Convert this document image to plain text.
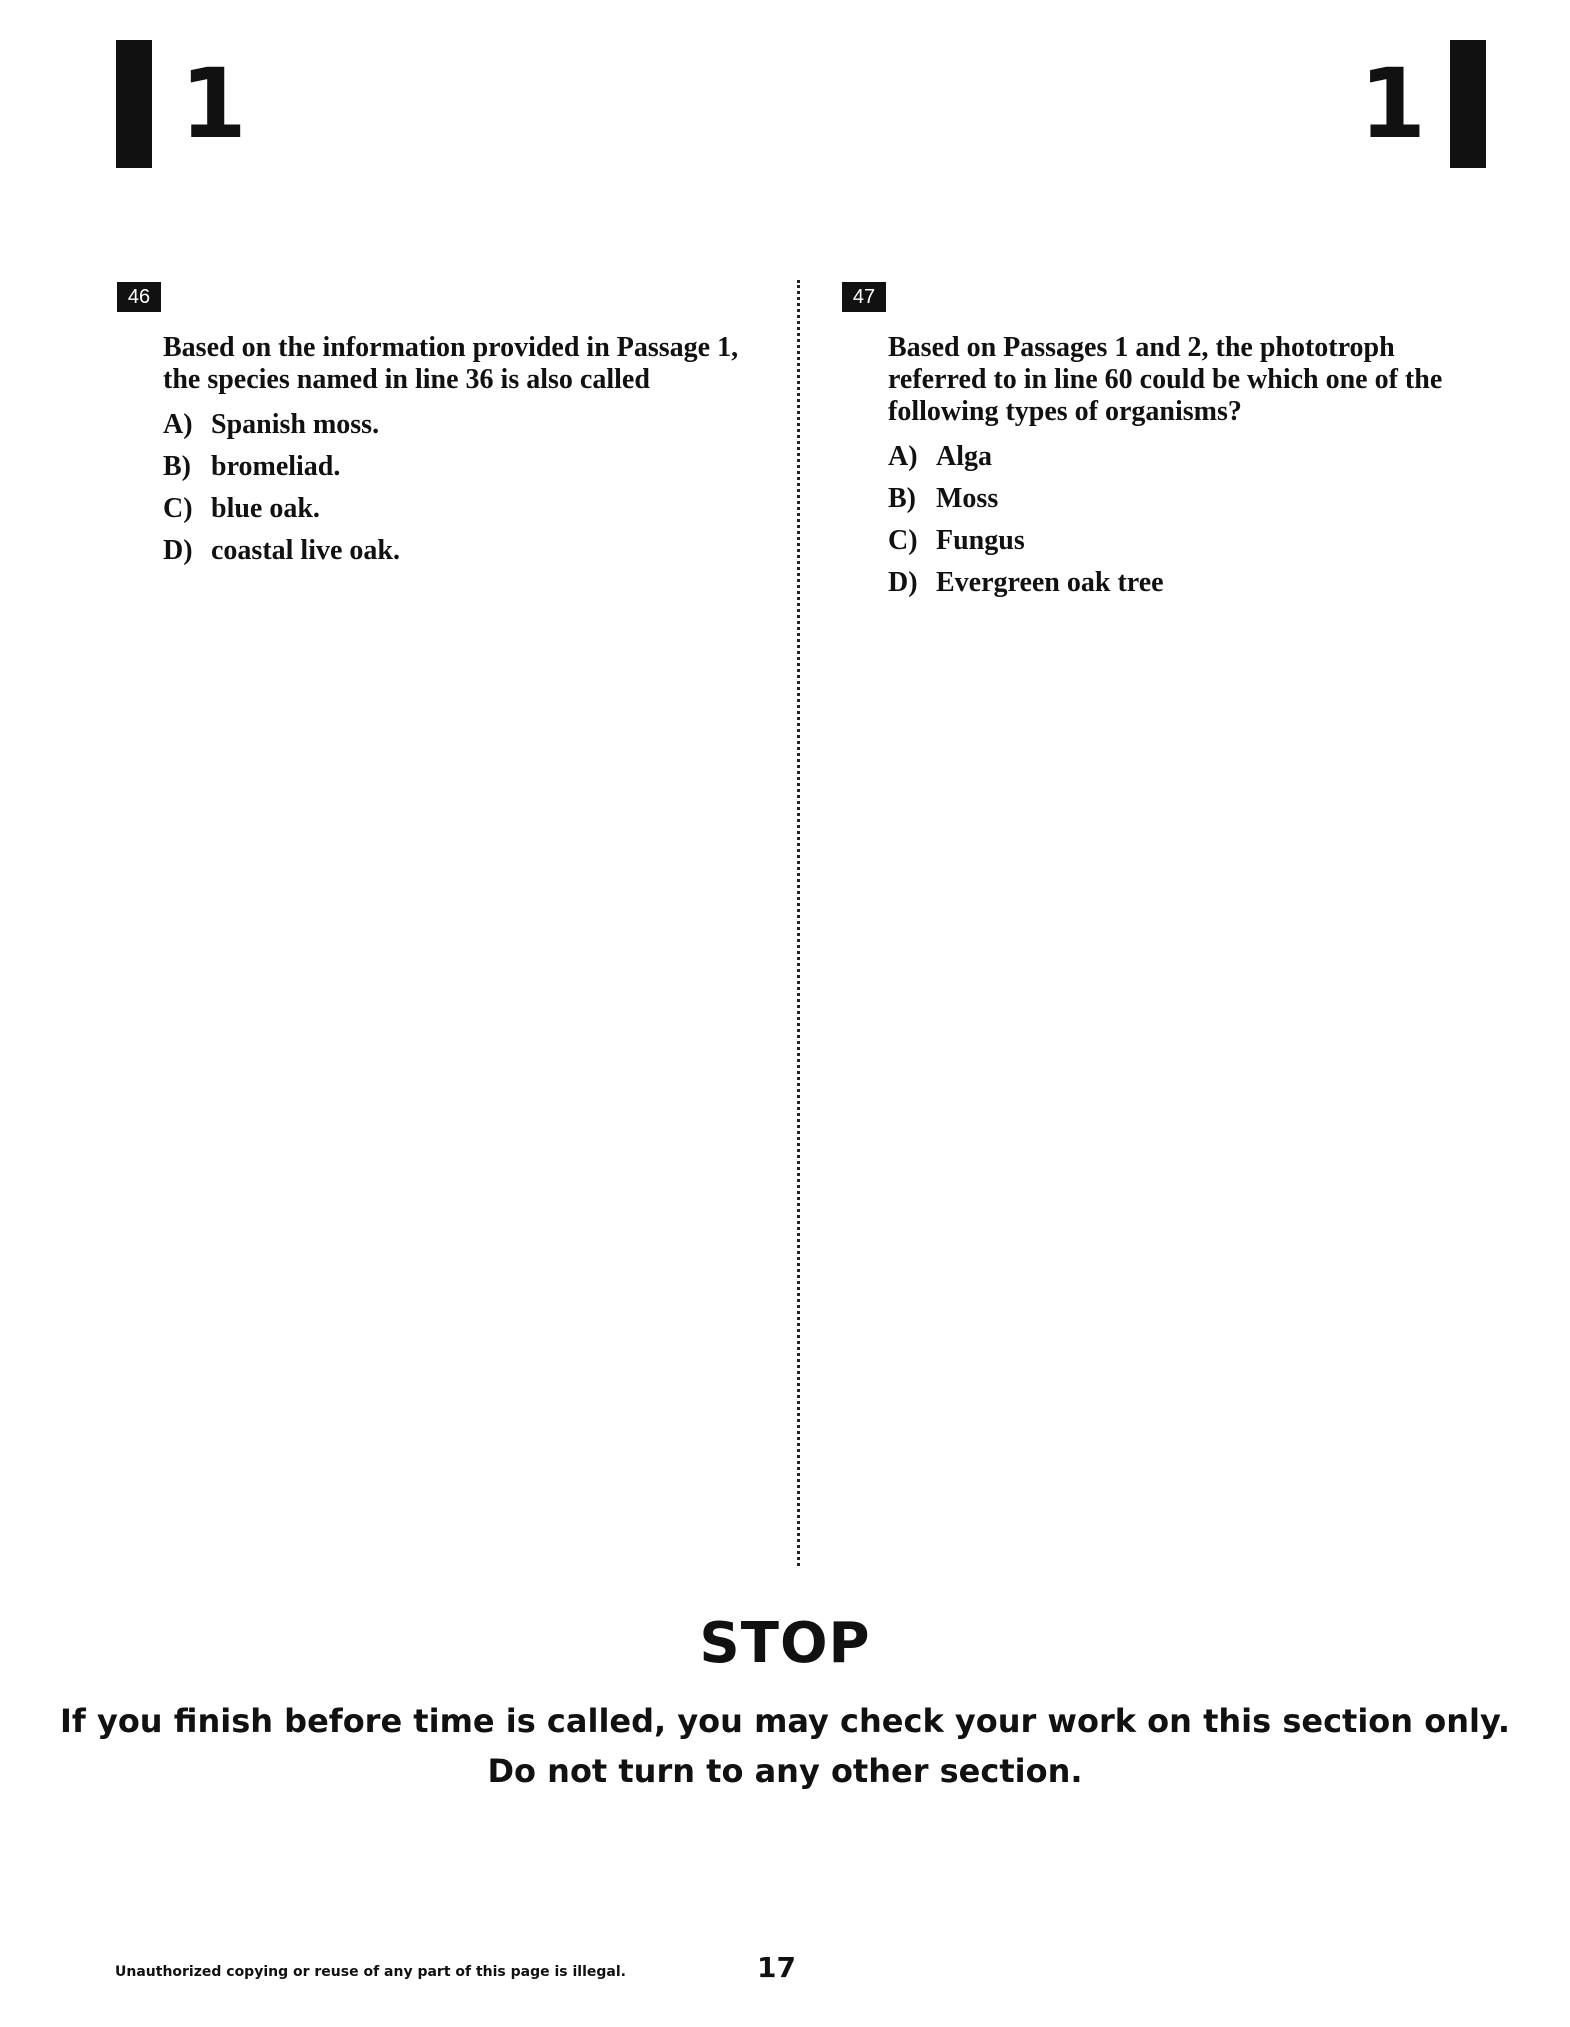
1	1
46
Based on the information provided in Passage 1, the species named in line 36 is also called
A) Spanish moss.
B) bromeliad.
C) blue oak.
D) coastal live oak.
47
Based on Passages 1 and 2, the phototroph referred to in line 60 could be which one of the following types of organisms?
A) Alga
B) Moss
C) Fungus
D) Evergreen oak tree
STOP
If you finish before time is called, you may check your work on this section only.
Do not turn to any other section.
Unauthorized copying or reuse of any part of this page is illegal.	17
